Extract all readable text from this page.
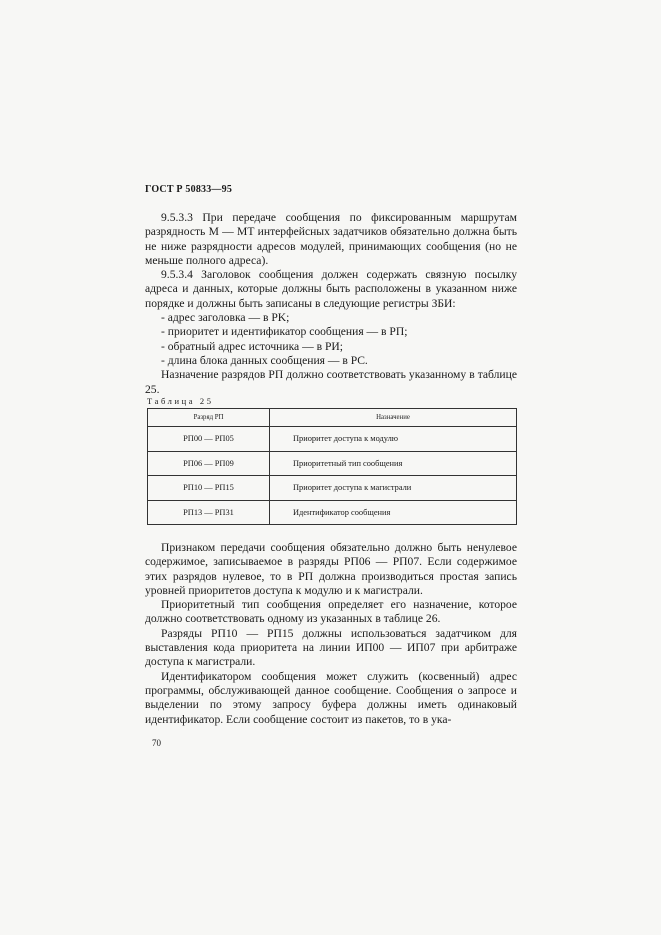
ГОСТ Р 50833—95

9.5.3.3 При передаче сообщения по фиксированным маршрутам разрядность М — МТ интерфейсных задатчиков обязательно должна быть не ниже разрядности адресов модулей, принимающих сообщения (но не меньше полного адреса).

9.5.3.4 Заголовок сообщения должен содержать связную посылку адреса и данных, которые должны быть расположены в указанном ниже порядке и должны быть записаны в следующие регистры ЗБИ:

- адрес заголовка — в PK;

- приоритет и идентификатор сообщения — в РП;

- обратный адрес источника — в РИ;

- длина блока данных сообщения — в PC.

Назначение разрядов РП должно соответствовать указанному в таблице 25.

Таблица 25
Разряд РП	Назначение
РП00 — РП05	Приоритет доступа к модулю
РП06 — РП09	Приоритетный тип сообщения
РП10 — РП15	Приоритет доступа к магистрали
РП13 — РП31	Идентификатор сообщения

Признаком передачи сообщения обязательно должно быть ненулевое содержимое, записываемое в разряды РП06 — РП07. Если содержимое этих разрядов нулевое, то в РП должна производиться простая запись уровней приоритетов доступа к модулю и к магистрали.

Приоритетный тип сообщения определяет его назначение, которое должно соответствовать одному из указанных в таблице 26.

Разряды РП10 — РП15 должны использоваться задатчиком для выставления кода приоритета на линии ИП00 — ИП07 при арбитраже доступа к магистрали.

Идентификатором сообщения может служить (косвенный) адрес программы, обслуживающей данное сообщение. Сообщения о запросе и выделении по этому запросу буфера должны иметь одинаковый идентификатор. Если сообщение состоит из пакетов, то в ука-

70
